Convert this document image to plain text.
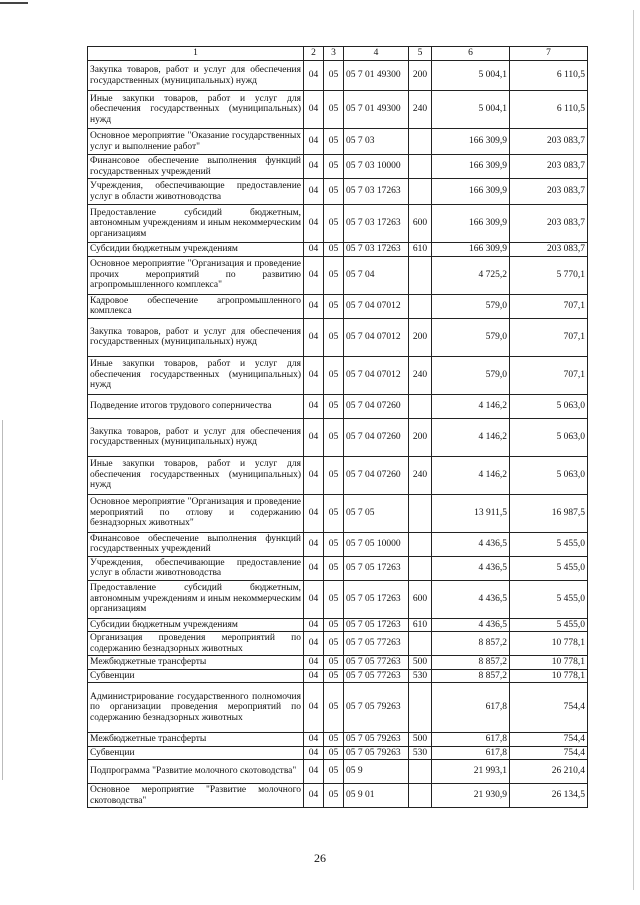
1	2	3	4	5	6	7
Закупка товаров, работ и услуг для обеспечения государственных (муниципальных) нужд	04	05	05 7 01 49300	200	5 004,1	6 110,5
Иные закупки товаров, работ и услуг для обеспечения государственных (муниципальных) нужд	04	05	05 7 01 49300	240	5 004,1	6 110,5
Основное мероприятие "Оказание государственных услуг и выполнение работ"	04	05	05 7 03		166 309,9	203 083,7
Финансовое обеспечение выполнения функций государственных учреждений	04	05	05 7 03 10000		166 309,9	203 083,7
Учреждения, обеспечивающие предоставление услуг в области животноводства	04	05	05 7 03 17263		166 309,9	203 083,7
Предоставление субсидий бюджетным, автономным учреждениям и иным некоммерческим организациям	04	05	05 7 03 17263	600	166 309,9	203 083,7
Субсидии бюджетным учреждениям	04	05	05 7 03 17263	610	166 309,9	203 083,7
Основное мероприятие "Организация и проведение прочих мероприятий по развитию агропромышленного комплекса"	04	05	05 7 04		4 725,2	5 770,1
Кадровое обеспечение агропромышленного комплекса	04	05	05 7 04 07012		579,0	707,1
Закупка товаров, работ и услуг для обеспечения государственных (муниципальных) нужд	04	05	05 7 04 07012	200	579,0	707,1
Иные закупки товаров, работ и услуг для обеспечения государственных (муниципальных) нужд	04	05	05 7 04 07012	240	579,0	707,1
Подведение итогов трудового соперничества	04	05	05 7 04 07260		4 146,2	5 063,0
Закупка товаров, работ и услуг для обеспечения государственных (муниципальных) нужд	04	05	05 7 04 07260	200	4 146,2	5 063,0
Иные закупки товаров, работ и услуг для обеспечения государственных (муниципальных) нужд	04	05	05 7 04 07260	240	4 146,2	5 063,0
Основное мероприятие "Организация и проведение мероприятий по отлову и содержанию безнадзорных животных"	04	05	05 7 05		13 911,5	16 987,5
Финансовое обеспечение выполнения функций государственных учреждений	04	05	05 7 05 10000		4 436,5	5 455,0
Учреждения, обеспечивающие предоставление услуг в области животноводства	04	05	05 7 05 17263		4 436,5	5 455,0
Предоставление субсидий бюджетным, автономным учреждениям и иным некоммерческим организациям	04	05	05 7 05 17263	600	4 436,5	5 455,0
Субсидии бюджетным учреждениям	04	05	05 7 05 17263	610	4 436,5	5 455,0
Организация проведения мероприятий по содержанию безнадзорных животных	04	05	05 7 05 77263		8 857,2	10 778,1
Межбюджетные трансферты	04	05	05 7 05 77263	500	8 857,2	10 778,1
Субвенции	04	05	05 7 05 77263	530	8 857,2	10 778,1
Администрирование государственного полномочия по организации проведения мероприятий по содержанию безнадзорных животных	04	05	05 7 05 79263		617,8	754,4
Межбюджетные трансферты	04	05	05 7 05 79263	500	617,8	754,4
Субвенции	04	05	05 7 05 79263	530	617,8	754,4
Подпрограмма "Развитие молочного скотоводства"	04	05	05 9		21 993,1	26 210,4
Основное мероприятие "Развитие молочного скотоводства"	04	05	05 9 01		21 930,9	26 134,5
26
